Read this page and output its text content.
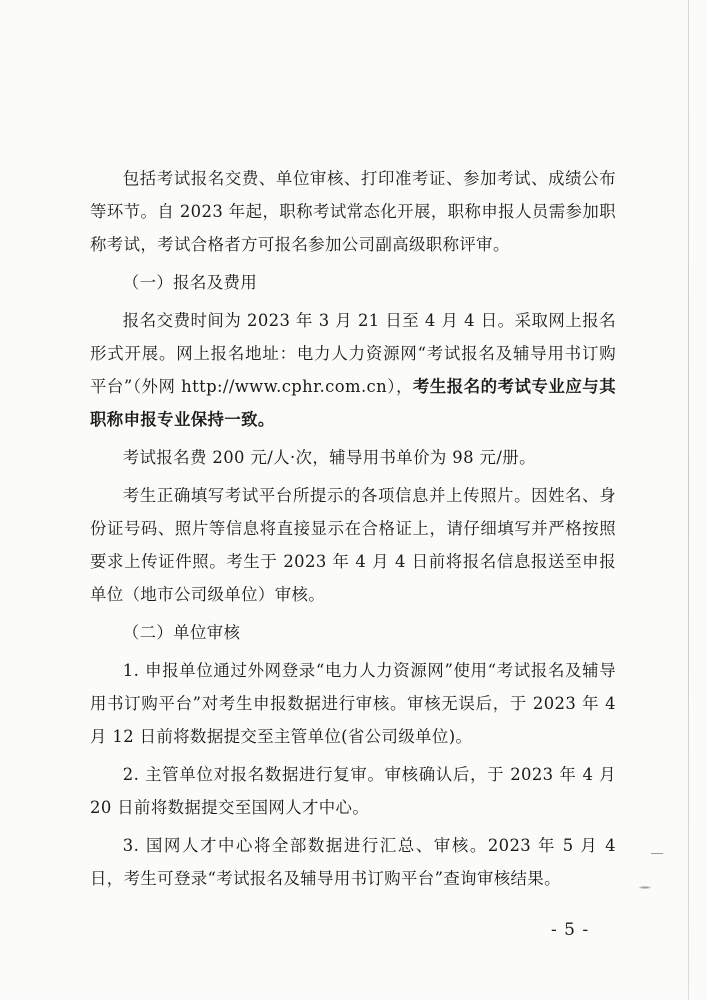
包括考试报名交费、单位审核、打印准考证、参加考试、成绩公布等环节。自 2023 年起，职称考试常态化开展，职称申报人员需参加职称考试，考试合格者方可报名参加公司副高级职称评审。

（一）报名及费用

报名交费时间为 2023 年 3 月 21 日至 4 月 4 日。采取网上报名形式开展。网上报名地址：电力人力资源网“考试报名及辅导用书订购平台”（外网 http://www.cphr.com.cn），考生报名的考试专业应与其职称申报专业保持一致。

考试报名费 200 元/人·次，辅导用书单价为 98 元/册。

考生正确填写考试平台所提示的各项信息并上传照片。因姓名、身份证号码、照片等信息将直接显示在合格证上，请仔细填写并严格按照要求上传证件照。考生于 2023 年 4 月 4 日前将报名信息报送至申报单位（地市公司级单位）审核。

（二）单位审核

1. 申报单位通过外网登录“电力人力资源网”使用“考试报名及辅导用书订购平台”对考生申报数据进行审核。审核无误后，于 2023 年 4 月 12 日前将数据提交至主管单位(省公司级单位)。

2. 主管单位对报名数据进行复审。审核确认后，于 2023 年 4 月 20 日前将数据提交至国网人才中心。

3. 国网人才中心将全部数据进行汇总、审核。2023 年 5 月 4 日，考生可登录“考试报名及辅导用书订购平台”查询审核结果。

- 5 -
